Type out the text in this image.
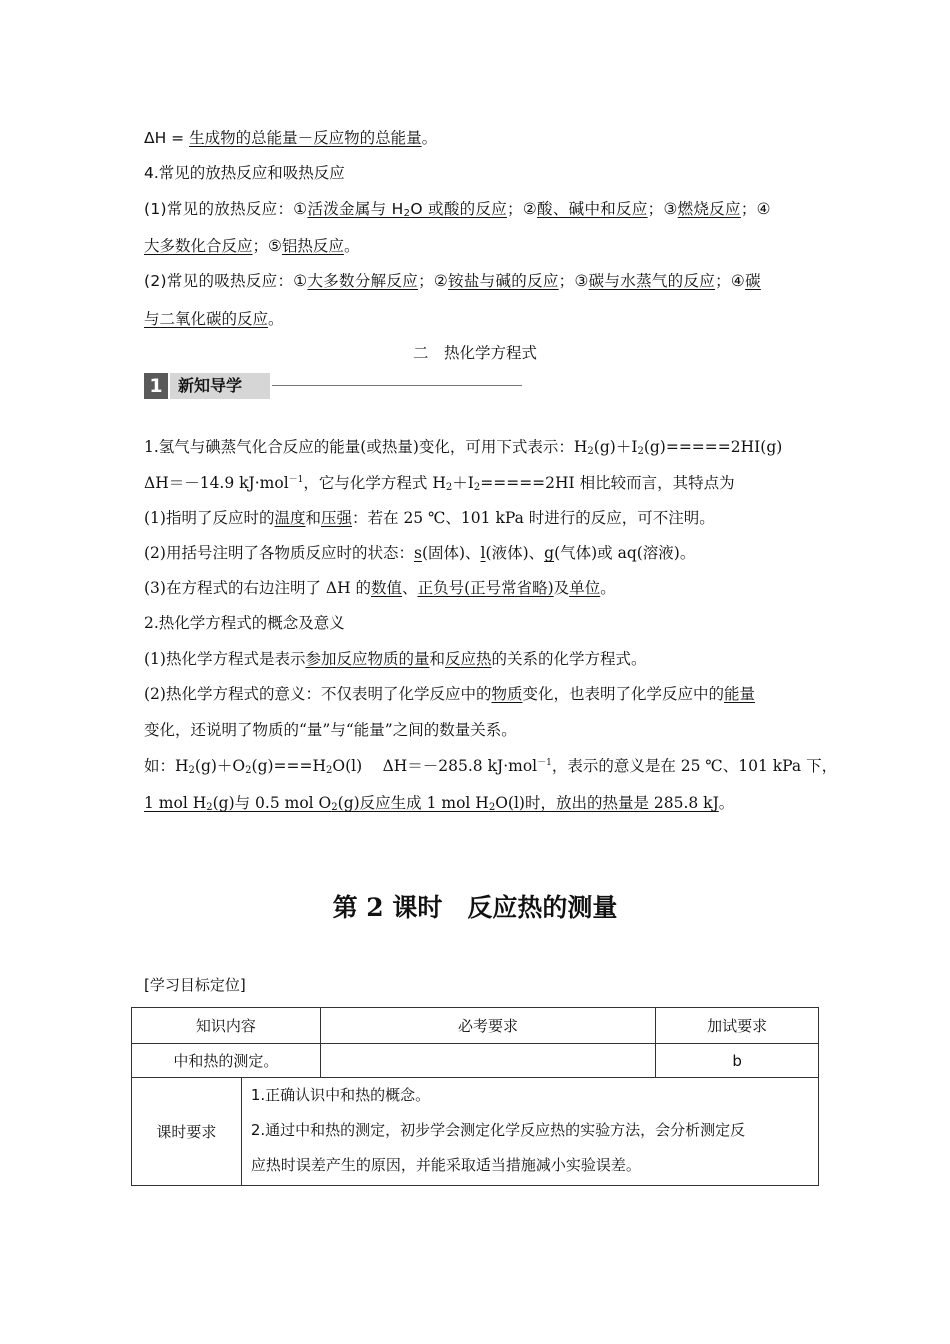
ΔH = 生成物的总能量－反应物的总能量。
4.常见的放热反应和吸热反应
(1)常见的放热反应：①活泼金属与 $H_2O$ 或酸的反应；②酸、碱中和反应；③燃烧反应；④
大多数化合反应；⑤铝热反应。
(2)常见的吸热反应：①大多数分解反应；②铵盐与碱的反应；③碳与水蒸气的反应；④碳
与二氧化碳的反应。
二　热化学方程式
1 新知导学
1.氢气与碘蒸气化合反应的能量(或热量)变化，可用下式表示：$H_2(g)+I_2(g)=====2HI(g)$
ΔH＝－14.9 kJ·mol$^{-1}$，它与化学方程式 $H_2+I_2=====2HI$ 相比较而言，其特点为
(1)指明了反应时的温度和压强：若在 25 ℃、101 kPa 时进行的反应，可不注明。
(2)用括号注明了各物质反应时的状态：s(固体)、l(液体)、g(气体)或 aq(溶液)。
(3)在方程式的右边注明了 ΔH 的数值、正负号(正号常省略)及单位。
2.热化学方程式的概念及意义
(1)热化学方程式是表示参加反应物质的量和反应热的关系的化学方程式。
(2)热化学方程式的意义：不仅表明了化学反应中的物质变化，也表明了化学反应中的能量
变化，还说明了物质的“量”与“能量”之间的数量关系。
如：$H_2(g)+O_2(g)===H_2O(l)$　 ΔH＝－285.8 kJ·mol$^{-1}$，表示的意义是在 25 ℃、101 kPa 下，
1 mol $H_2(g)$与 0.5 mol $O_2(g)$反应生成 1 mol $H_2O(l)$时，放出的热量是 285.8 kJ。
第 2 课时　反应热的测量
[学习目标定位]
知识内容		必考要求	加试要求
中和热的测定。			b
课时要求	1.正确认识中和热的概念。
2.通过中和热的测定，初步学会测定化学反应热的实验方法，会分析测定反
应热时误差产生的原因，并能采取适当措施减小实验误差。		
